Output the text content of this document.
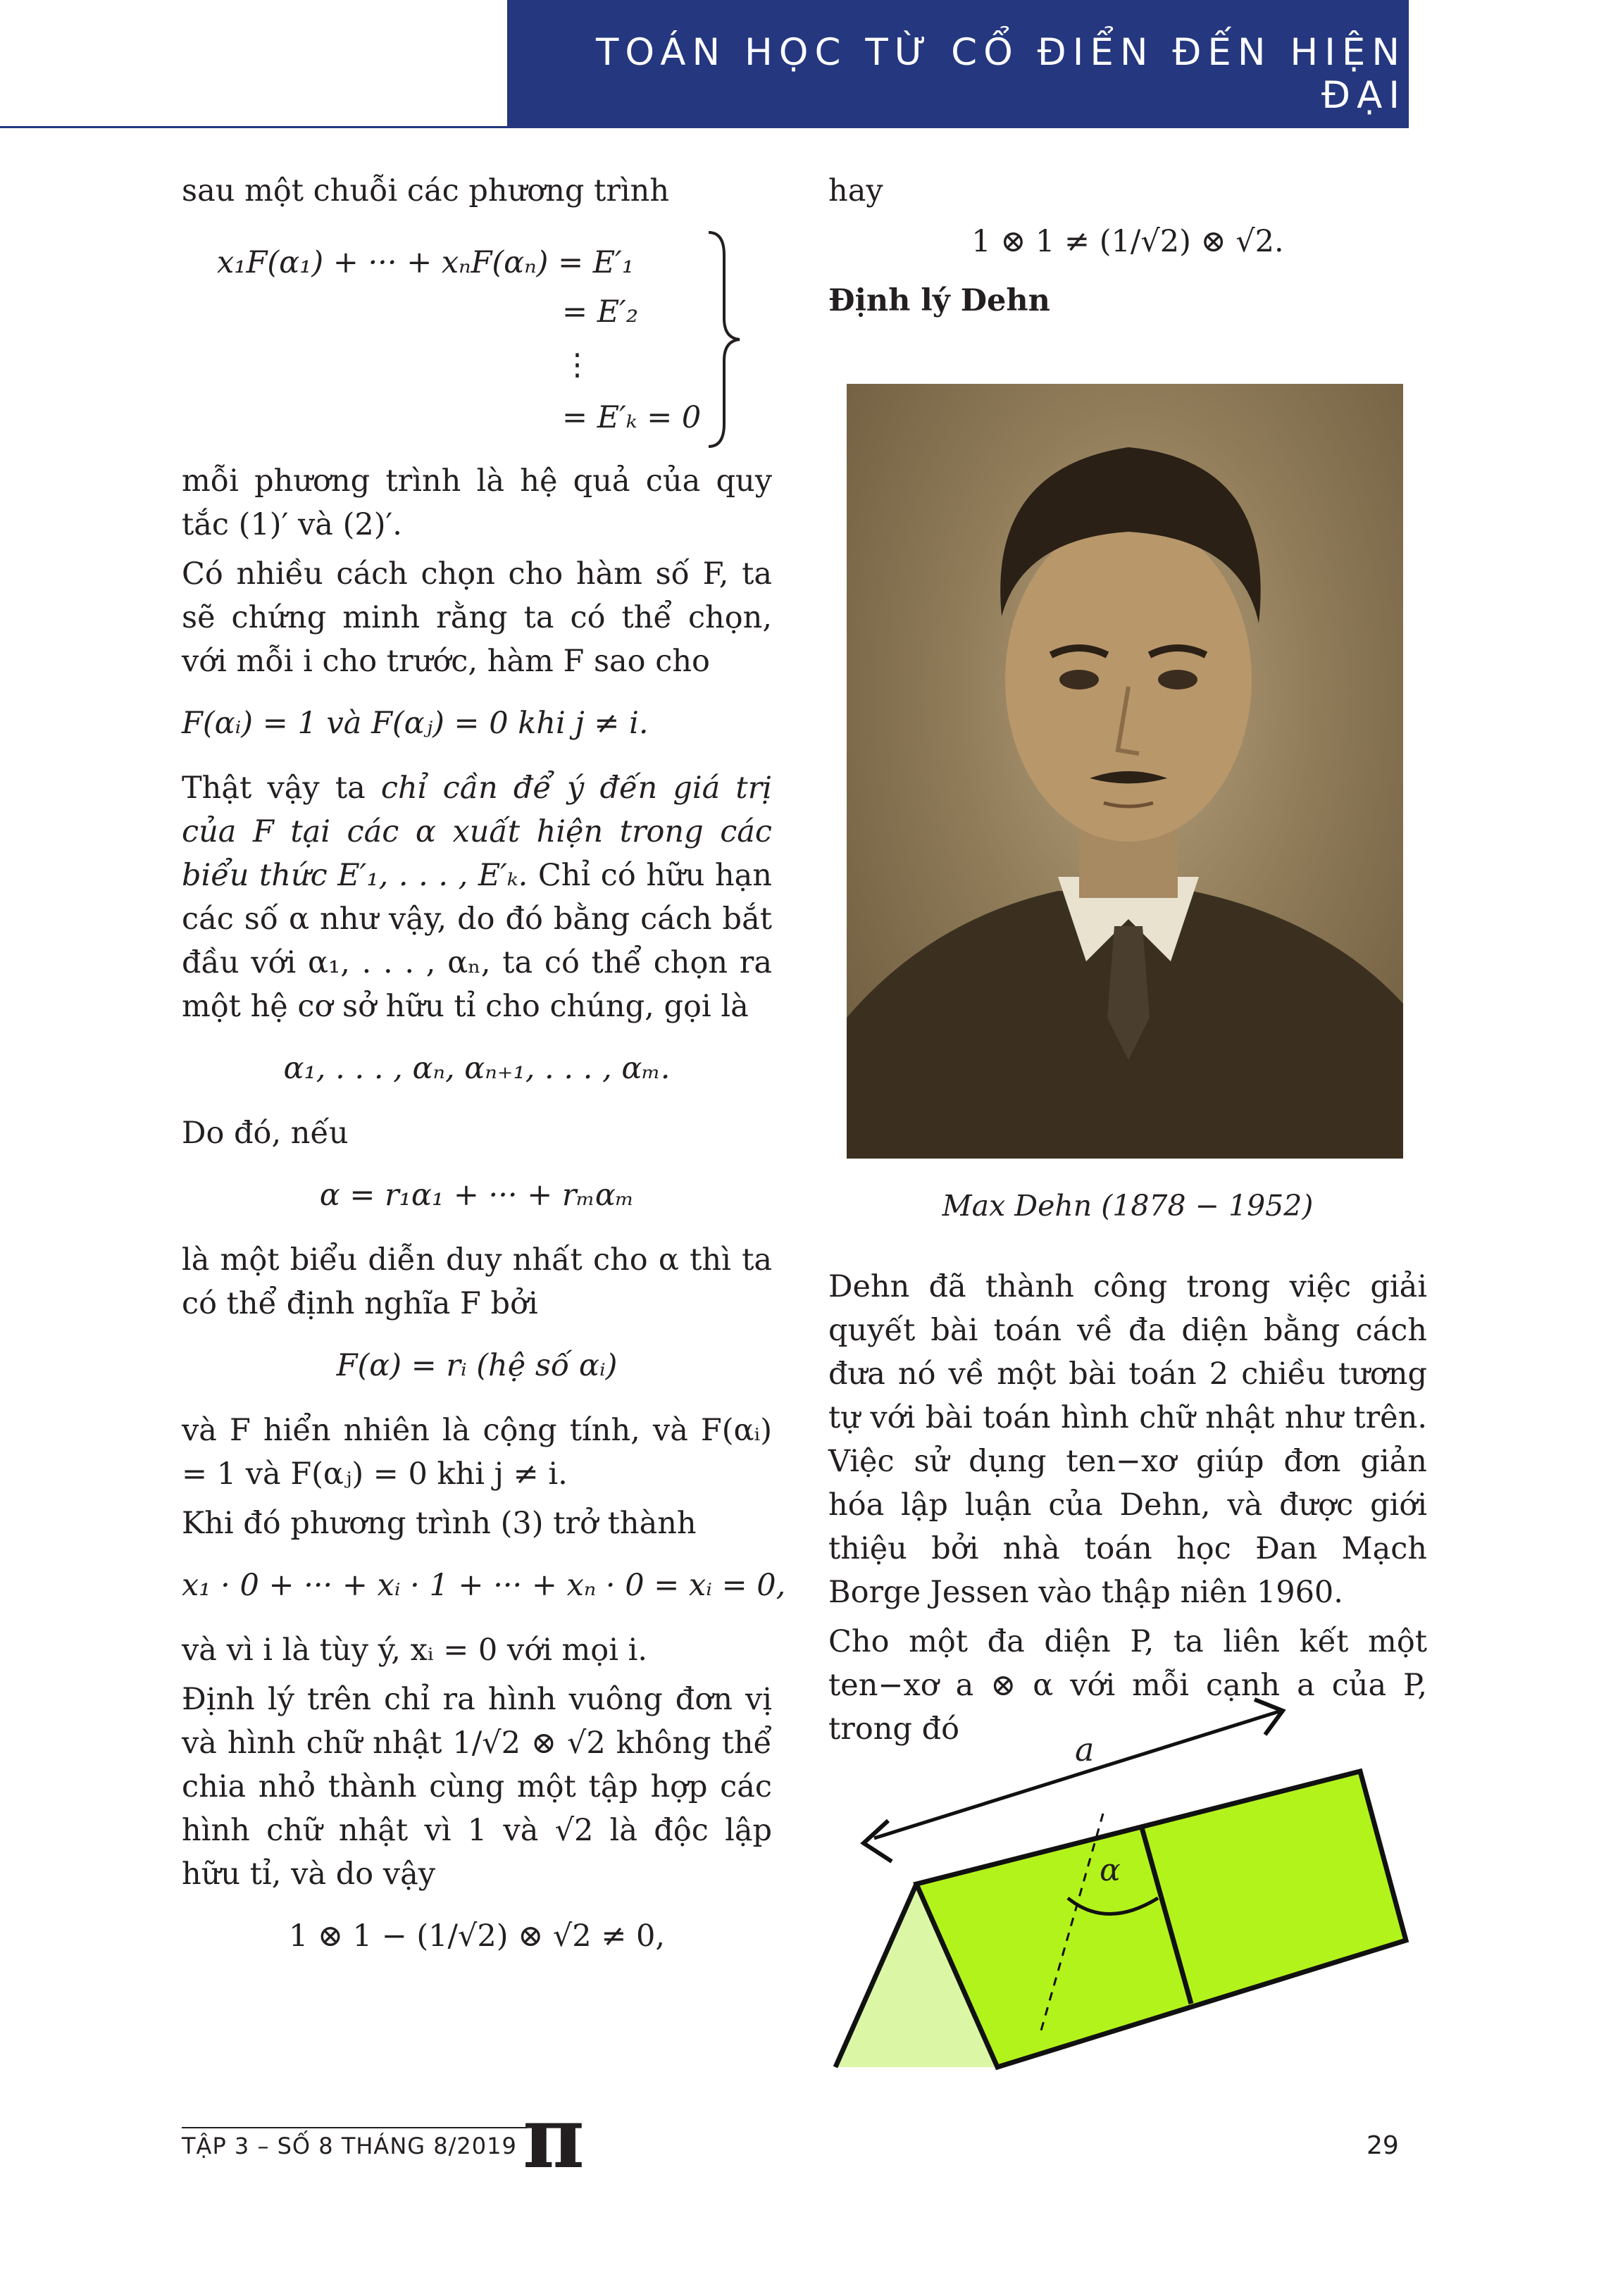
TOÁN HỌC TỪ CỔ ĐIỂN ĐẾN HIỆN ĐẠI

sau một chuỗi các phương trình

x₁F(α₁) + ··· + xₙF(αₙ) = E′₁
= E′₂
⋮
= E′ₖ = 0

mỗi phương trình là hệ quả của quy tắc (1)′ và (2)′.

Có nhiều cách chọn cho hàm số F, ta sẽ chứng minh rằng ta có thể chọn, với mỗi i cho trước, hàm F sao cho

F(αᵢ) = 1 và F(αⱼ) = 0 khi j ≠ i.

Thật vậy ta chỉ cần để ý đến giá trị của F tại các α xuất hiện trong các biểu thức E′₁, . . . , E′ₖ. Chỉ có hữu hạn các số α như vậy, do đó bằng cách bắt đầu với α₁, . . . , αₙ, ta có thể chọn ra một hệ cơ sở hữu tỉ cho chúng, gọi là

α₁, . . . , αₙ, αₙ₊₁, . . . , αₘ.

Do đó, nếu

α = r₁α₁ + ··· + rₘαₘ

là một biểu diễn duy nhất cho α thì ta có thể định nghĩa F bởi

F(α) = rᵢ (hệ số αᵢ)

và F hiển nhiên là cộng tính, và F(αᵢ) = 1 và F(αⱼ) = 0 khi j ≠ i.

Khi đó phương trình (3) trở thành

x₁ · 0 + ··· + xᵢ · 1 + ··· + xₙ · 0 = xᵢ = 0,

và vì i là tùy ý, xᵢ = 0 với mọi i.

Định lý trên chỉ ra hình vuông đơn vị và hình chữ nhật 1/√2 ⊗ √2 không thể chia nhỏ thành cùng một tập hợp các hình chữ nhật vì 1 và √2 là độc lập hữu tỉ, và do vậy

1 ⊗ 1 − (1/√2) ⊗ √2 ≠ 0,

hay

1 ⊗ 1 ≠ (1/√2) ⊗ √2.
Định lý Dehn
Max Dehn (1878 − 1952)

Dehn đã thành công trong việc giải quyết bài toán về đa diện bằng cách đưa nó về một bài toán 2 chiều tương tự với bài toán hình chữ nhật như trên. Việc sử dụng ten−xơ giúp đơn giản hóa lập luận của Dehn, và được giới thiệu bởi nhà toán học Đan Mạch Borge Jessen vào thập niên 1960.

Cho một đa diện P, ta liên kết một ten−xơ a ⊗ α với mỗi cạnh a của P, trong đó

a
α
TẬP 3 – SỐ 8 THÁNG 8/2019 π	29
